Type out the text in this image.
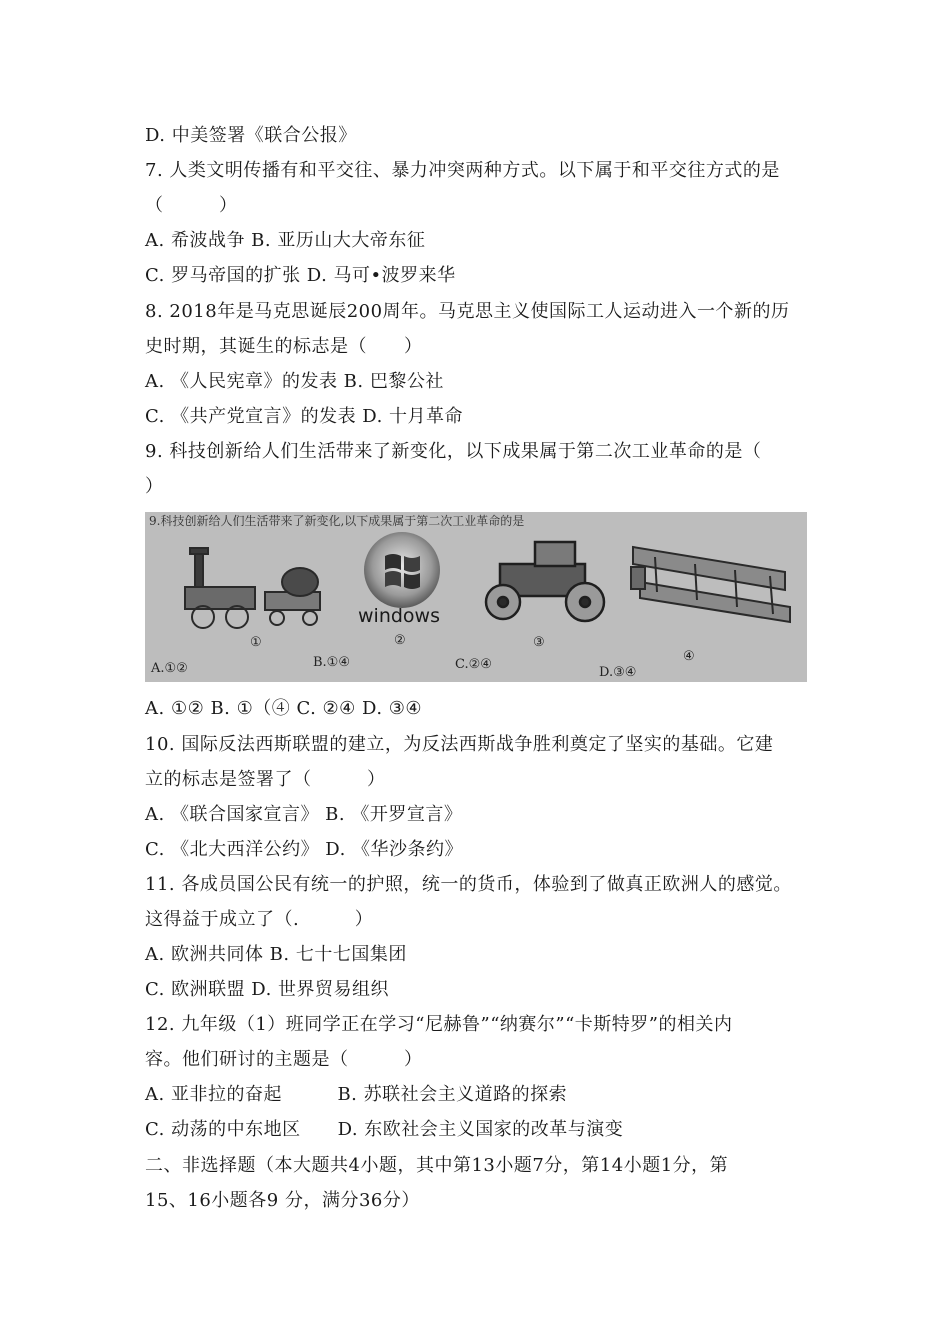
D. 中美签署《联合公报》
7. 人类文明传播有和平交往、暴力冲突两种方式。以下属于和平交往方式的是
（　　　）
A. 希波战争 B. 亚历山大大帝东征
C. 罗马帝国的扩张 D. 马可•波罗来华
8. 2018年是马克思诞辰200周年。马克思主义使国际工人运动进入一个新的历
史时期，其诞生的标志是（　　）
A. 《人民宪章》的发表 B. 巴黎公社
C. 《共产党宣言》的发表 D. 十月革命
9. 科技创新给人们生活带来了新变化，以下成果属于第二次工业革命的是（
）
9.科技创新给人们生活带来了新变化,以下成果属于第二次工业革命的是
①
windows
②	③
④
A.①②	B.①④	C.②④
D.③④
A. ①② B. ①（④ C. ②④ D. ③④
10. 国际反法西斯联盟的建立，为反法西斯战争胜利奠定了坚实的基础。它建
立的标志是签署了（　　　）
A. 《联合国家宣言》 B. 《开罗宣言》
C. 《北大西洋公约》 D. 《华沙条约》
11. 各成员国公民有统一的护照，统一的货币，体验到了做真正欧洲人的感觉。
这得益于成立了（.　　　）
A. 欧洲共同体 B. 七十七国集团
C. 欧洲联盟 D. 世界贸易组织
12. 九年级（1）班同学正在学习“尼赫鲁”“纳赛尔”“卡斯特罗”的相关内
容。他们研讨的主题是（　　　）
A. 亚非拉的奋起　　　B. 苏联社会主义道路的探索
C. 动荡的中东地区　　D. 东欧社会主义国家的改革与演变
二、非选择题（本大题共4小题，其中第13小题7分，第14小题1分，第
15、16小题各9 分，满分36分）
